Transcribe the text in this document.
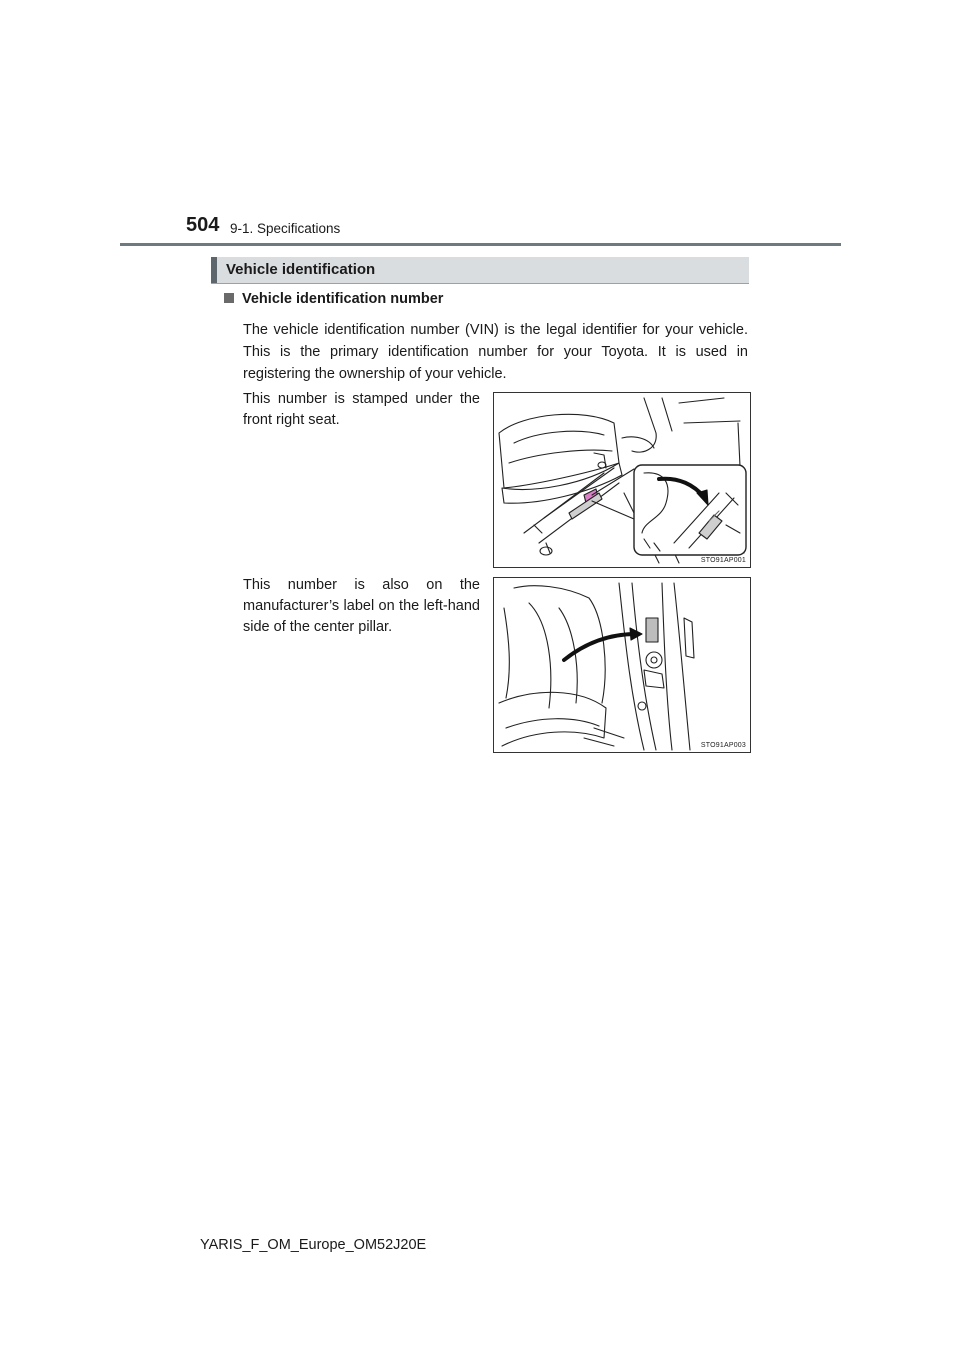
504 9-1. Specifications
Vehicle identification
Vehicle identification number
The vehicle identification number (VIN) is the legal identifier for your vehicle. This is the primary identification number for your Toyota. It is used in registering the ownership of your vehicle.
This number is stamped under the front right seat.
STO91AP001
This number is also on the manufacturer’s label on the left-hand side of the center pillar.
STO91AP003
YARIS_F_OM_Europe_OM52J20E
